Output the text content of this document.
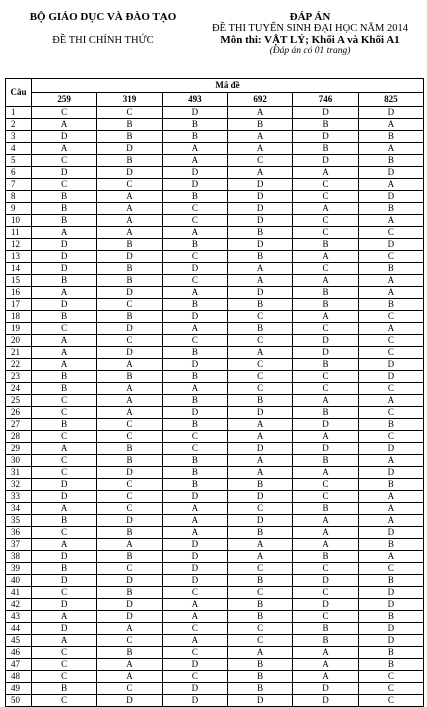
BỘ GIÁO DỤC VÀ ĐÀO TẠO
ĐỀ THI CHÍNH THỨC
ĐÁP ÁN
ĐỀ THI TUYỂN SINH ĐẠI HỌC NĂM 2014
Môn thi: VẬT LÝ; Khối A và Khối A1
(Đáp án có 01 trang)
Câu	Mã đề					
	259	319	493	692	746	825
1	C	C	D	A	D	D
2	A	B	B	B	B	A
3	D	B	B	A	D	B
4	A	D	A	A	B	A
5	C	B	A	C	D	B
6	D	D	D	A	A	D
7	C	C	D	D	C	A
8	B	A	B	D	C	D
9	B	A	C	D	A	B
10	B	A	C	D	C	A
11	A	A	A	B	C	C
12	D	B	B	D	B	D
13	D	D	C	B	A	C
14	D	B	D	A	C	B
15	B	B	C	A	A	A
16	A	D	A	D	B	A
17	D	C	B	B	B	B
18	B	B	D	C	A	C
19	C	D	A	B	C	A
20	A	C	C	C	D	C
21	A	D	B	A	D	C
22	A	A	D	C	B	D
23	B	B	B	C	C	D
24	B	A	A	C	C	C
25	C	A	B	B	A	A
26	C	A	D	D	B	C
27	B	C	B	A	D	B
28	C	C	C	A	A	C
29	A	B	C	D	D	D
30	C	B	B	A	B	A
31	C	D	B	A	A	D
32	D	C	B	B	C	B
33	D	C	D	D	C	A
34	A	C	A	C	B	A
35	B	D	A	D	A	A
36	C	B	A	B	A	D
37	A	A	D	A	A	B
38	D	B	D	A	B	A
39	B	C	D	C	C	C
40	D	D	D	B	D	B
41	C	B	C	C	C	D
42	D	D	A	B	D	D
43	A	D	A	B	C	B
44	D	A	C	C	B	D
45	A	C	A	C	B	D
46	C	B	C	A	A	B
47	C	A	D	B	A	B
48	C	A	C	B	A	C
49	B	C	D	B	D	C
50	C	D	D	D	D	C
